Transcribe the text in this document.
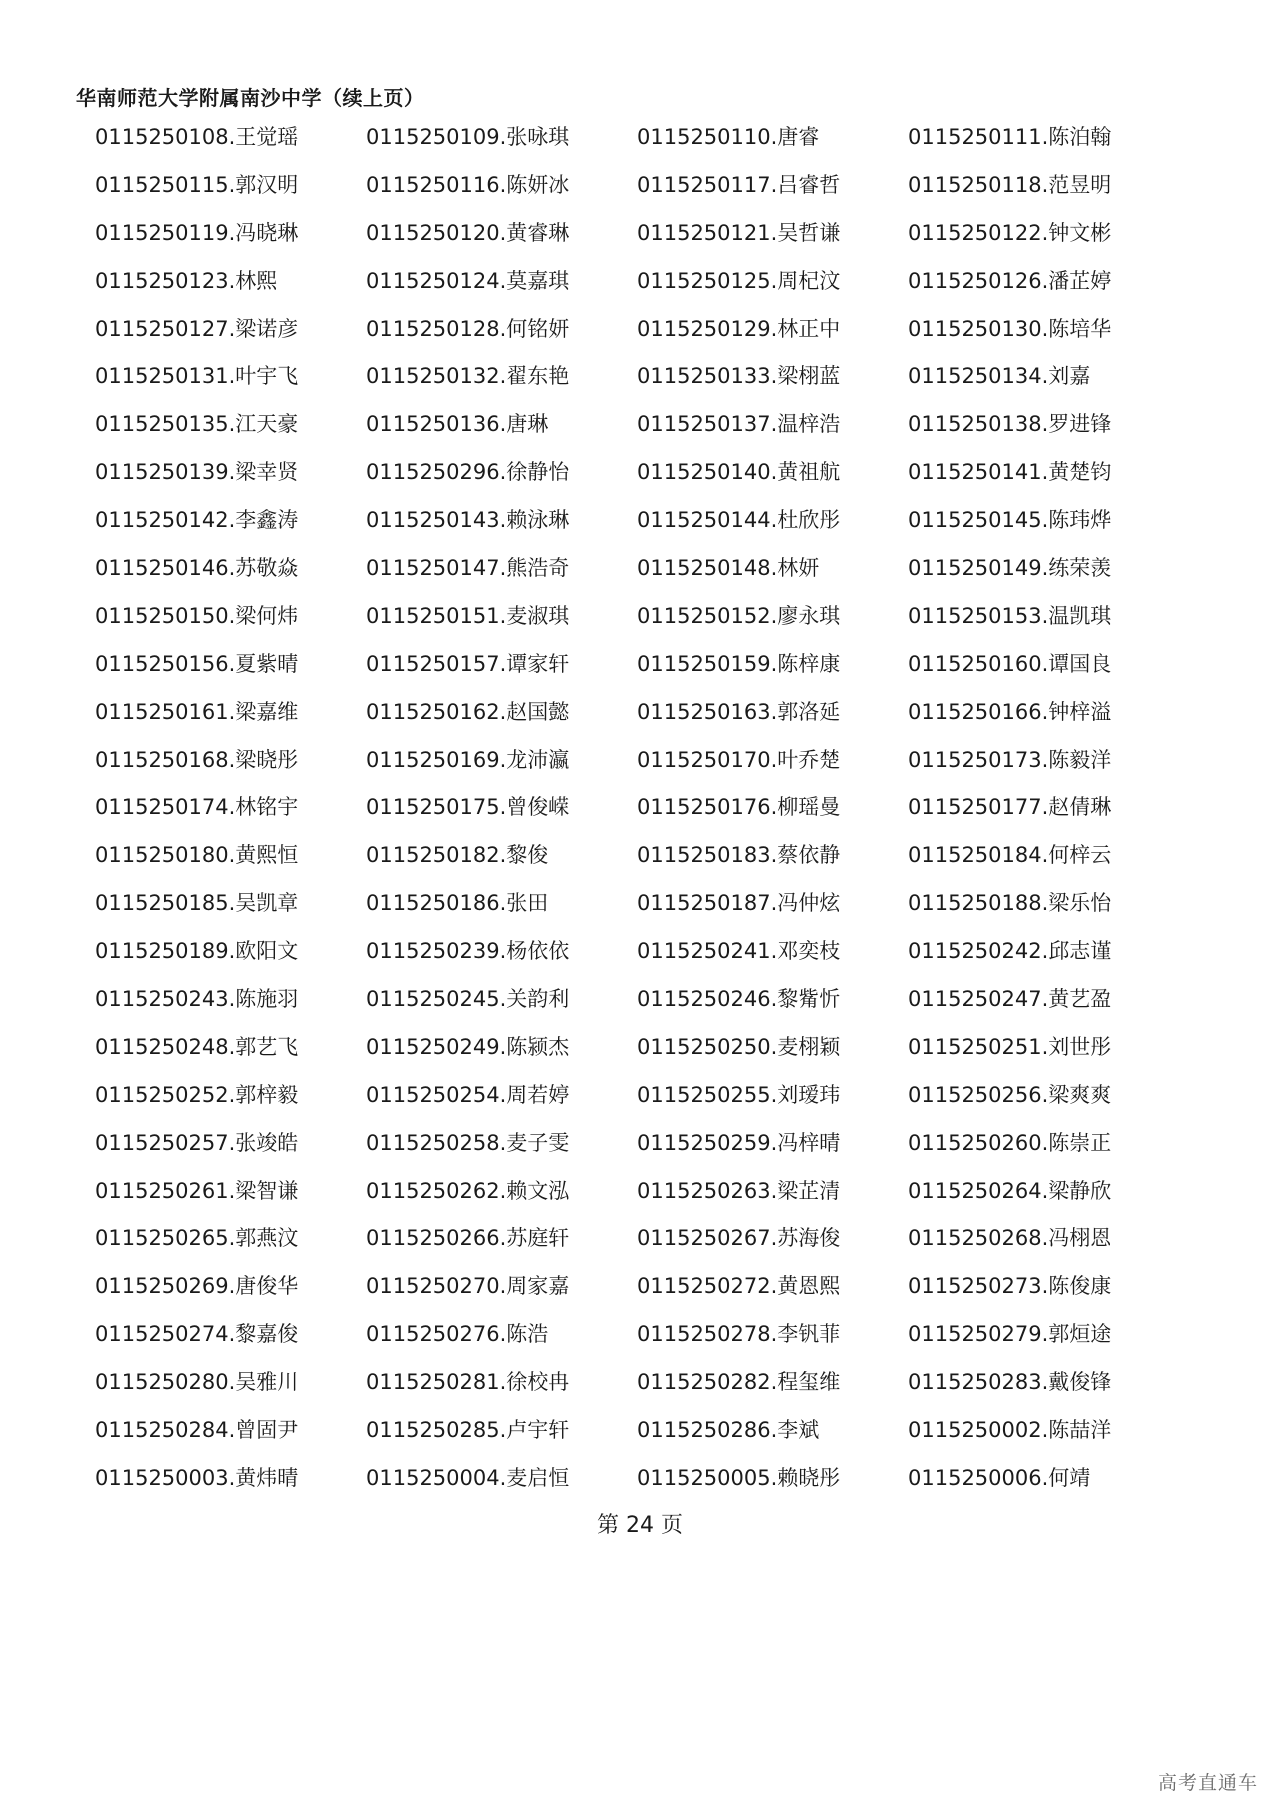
华南师范大学附属南沙中学（续上页）
0115250108.王觉瑶	0115250109.张咏琪	0115250110.唐睿	0115250111.陈泊翰
0115250115.郭汉明	0115250116.陈妍冰	0115250117.吕睿哲	0115250118.范昱明
0115250119.冯晓琳	0115250120.黄睿琳	0115250121.吴哲谦	0115250122.钟文彬
0115250123.林熙	0115250124.莫嘉琪	0115250125.周杞汶	0115250126.潘芷婷
0115250127.梁诺彦	0115250128.何铭妍	0115250129.林正中	0115250130.陈培华
0115250131.叶宇飞	0115250132.翟东艳	0115250133.梁栩蓝	0115250134.刘嘉
0115250135.江天豪	0115250136.唐琳	0115250137.温梓浩	0115250138.罗进锋
0115250139.梁幸贤	0115250296.徐静怡	0115250140.黄祖航	0115250141.黄楚钧
0115250142.李鑫涛	0115250143.赖泳琳	0115250144.杜欣彤	0115250145.陈玮烨
0115250146.苏敬焱	0115250147.熊浩奇	0115250148.林妍	0115250149.练荣羡
0115250150.梁何炜	0115250151.麦淑琪	0115250152.廖永琪	0115250153.温凯琪
0115250156.夏紫晴	0115250157.谭家轩	0115250159.陈梓康	0115250160.谭国良
0115250161.梁嘉维	0115250162.赵国懿	0115250163.郭洛延	0115250166.钟梓溢
0115250168.梁晓彤	0115250169.龙沛瀛	0115250170.叶乔楚	0115250173.陈毅洋
0115250174.林铭宇	0115250175.曾俊嵘	0115250176.柳瑶曼	0115250177.赵倩琳
0115250180.黄熙恒	0115250182.黎俊	0115250183.蔡依静	0115250184.何梓云
0115250185.吴凯章	0115250186.张田	0115250187.冯仲炫	0115250188.梁乐怡
0115250189.欧阳文	0115250239.杨依依	0115250241.邓奕枝	0115250242.邱志谨
0115250243.陈施羽	0115250245.关韵利	0115250246.黎觜忻	0115250247.黄艺盈
0115250248.郭艺飞	0115250249.陈颍杰	0115250250.麦栩颖	0115250251.刘世彤
0115250252.郭梓毅	0115250254.周若婷	0115250255.刘瑷玮	0115250256.梁爽爽
0115250257.张竣皓	0115250258.麦子雯	0115250259.冯梓晴	0115250260.陈崇正
0115250261.梁智谦	0115250262.赖文泓	0115250263.梁芷清	0115250264.梁静欣
0115250265.郭燕汶	0115250266.苏庭轩	0115250267.苏海俊	0115250268.冯栩恩
0115250269.唐俊华	0115250270.周家嘉	0115250272.黄恩熙	0115250273.陈俊康
0115250274.黎嘉俊	0115250276.陈浩	0115250278.李钒菲	0115250279.郭烜途
0115250280.吴雅川	0115250281.徐校冉	0115250282.程玺维	0115250283.戴俊锋
0115250284.曾固尹	0115250285.卢宇轩	0115250286.李斌	0115250002.陈喆洋
0115250003.黄炜晴	0115250004.麦启恒	0115250005.赖晓彤	0115250006.何靖
第 24 页
高考直通车
